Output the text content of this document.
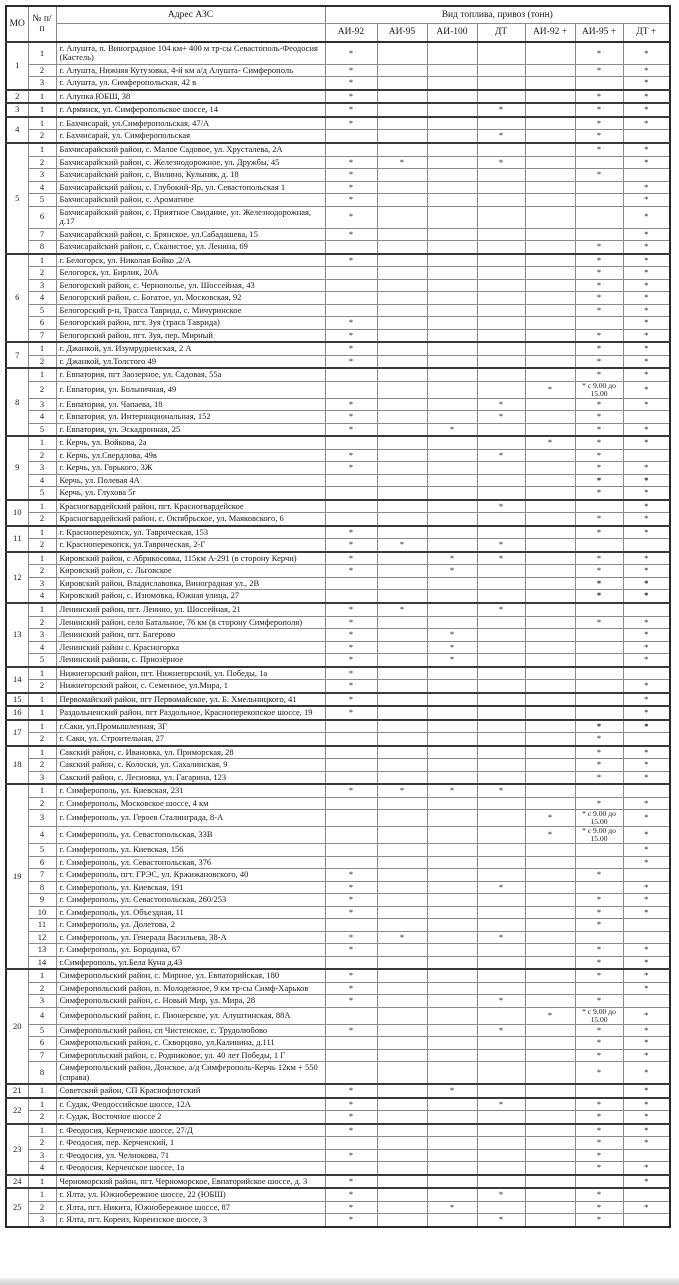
МО	№ п/п	Адрес АЗС	Вид топлива, привоз (тонн)						
			АИ-92	АИ-95	АИ-100	ДТ	АИ-92 +	АИ-95 +	ДТ +
1	1	г. Алушта, п. Виноградное 104 км+ 400 м тр-сы Севастополь-Феодосия (Кастель)	*					*	*
	2	г. Алушта, Нижняя Кутузовка, 4-й км а/д Алушта- Симферополь	*					*	*
	3	г. Алушта, ул. Симферопольская, 42 в	*						*
2	1	г. Алупка ЮБШ, 38	*					*	*
3	1	г. Армянск, ул. Симферопольское шоссе, 14	*			*		*	*
4	1	г. Бахчисарай, ул.Симферопольская, 47/А	*					*	*
	2	г. Бахчисарай, ул. Симферопольская				*		*	
5	1	Бахчисарайский район, с. Малое Садовое, ул. Хрусталева, 2А						*	*
	2	Бахчисарайский район, с. Железнодорожное, ул. Дружбы, 45	*	*		*			*
	3	Бахчисарайский район, с. Вилино, Кулыняк, д. 18	*					*	
	4	Бахчисарайский район, с. Глубокий-Яр, ул. Севастопольская 1	*						*
	5	Бахчисарайский район, с. Ароматное	*						*
	6	Бахчисарайский район, с. Приятное Свидание, ул. Железнодорожная, д.17	*						*
	7	Бахчисарайский район, с. Брянское, ул.Сабадашева, 15	*						*
	8	Бахчисарайский район, с. Скалистое, ул. Ленина, 69						*	*
6	1	г. Белогорск, ул. Николая Бойко ,2/А	*					*	*
	2	Белогорск, ул. Бирлик, 20А						*	*
	3	Белогорский район, с. Чернополье, ул. Шоссейная, 43						*	*
	4	Белогорский район, с. Богатое, ул. Московская, 92						*	*
	5	Белогорский р-н, Трасса Таврида, с. Мичуринское						*	*
	6	Белогорский район, пгт. Зуя (траса Таврида)	*						*
	7	Белогорский район, пгт. Зуя, пер. Мирный	*					*	*
7	1	г. Джанкой, ул. Изумрудненская, 2 А	*					*	*
	2	г. Джанкой, ул.Толстого 49	*					*	*
8	1	г. Евпатория, пгт Заозерное, ул. Садовая, 55а						*	*
	2	г. Евпатория, ул. Больничная, 49					*	* с 9.00 до 15.00	*
	3	г. Евпатория, ул. Чапаева, 18	*			*		*	*
	4	г. Евпатория, ул. Интернациональная, 152	*			*		*	
	5	г. Евпатория, ул. Эскадронная, 25	*		*			*	*
9	1	г. Керчь, ул. Войкова, 2а					*	*	*
	2	г. Керчь, ул.Свердлова, 49в	*			*		*	
	3	г. Керчь, ул. Горького, 3Ж	*					*	*
	4	Керчь, ул. Полевая 4А						*	*
	5	Керчь, ул. Глухова 5г						*	*
10	1	Красногвардейский район, пгт. Красногвардейское				*			*
	2	Красногвардейский район, с. Октябрьское, ул. Маяковского, 6						*	*
11	1	г. Красноперекопск, ул. Таврическая, 153	*					*	*
	2	г. Красноперекопск, ул.Таврическая, 2-Г	*	*		*			
12	1	Кировский район, с Абрикосовка, 115км А-291 (в сторону Керчи)	*		*	*		*	*
	2	Кировский район, с. Льговское	*		*			*	*
	3	Кировский район, Владиславовка, Виноградная ул., 2В						*	*
	4	Кировский район, с. Изюмовка, Южная улица, 27						*	*
13	1	Ленинский район, пгт. Ленино, ул. Шоссейная, 21	*	*		*			
	2	Ленинский район, село Батальное, 76 км (в сторону Симферополя)	*					*	*
	3	Ленинский район, пгт. Багерово	*		*				*
	4	Ленинский район с. Красногорка	*		*				*
	5	Ленинский районн, с. Приозёрное	*		*				*
14	1	Нижнегорский район, пгт. Нижнегорский, ул. Победы, 1а	*						
	2	Нижнегорский район, с. Семенное, ул.Мира, 1	*						*
15	1	Первомайский район, пгт Первомайское, ул. Б. Хмельницкого, 41	*						*
16	1	Раздольненский район, пгт Раздольное, Красноперекопское шоссе, 19	*						*
17	1	г.Саки, ул.Промышленная, 3Г						*	*
	2	г. Саки, ул. Строительная, 27						*	
18	1	Сакский район, с. Ивановка, ул. Приморская, 28						*	*
	2	Сакский район, с. Колоски, ул. Сахалинская, 9						*	*
	3	Сакский район, с. Лесновка, ул. Гагарина, 123						*	*
19	1	г. Симферополь, ул. Киевская, 231	*	*	*	*			
	2	г. Симферополь, Московское шоссе, 4 км						*	*
	3	г. Симферополь, ул. Героев Сталинграда, 8-А					*	* с 9.00 до 15.00	*
	4	г. Симферополь, ул. Севастопольская, 33В					*	* с 9.00 до 15.00	*
	5	г. Симферополь, ул. Киевская, 156							*
	6	г. Симферополь, ул. Севастопольская, 376							*
	7	г. Симферополь, пгт. ГРЭС, ул. Кржижановского, 40	*					*	
	8	г. Симферополь, ул. Киевская, 191	*			*			*
	9	г. Симферополь, ул. Севастопольская, 260/253	*					*	*
	10	г. Симферополь, ул. Объездная, 11	*					*	*
	11	г. Симферополь, ул. Долетова, 2						*	
	12	г. Симферополь, ул. Генерала Васильева, 38-А	*	*		*			
	13	г. Симферополь, ул. Бородина, 67	*					*	*
	14	г.Симферополь, ул.Бела Куна д.43						*	*
20	1	Симферопольский район, с. Мирное, ул. Евпаторийская, 180	*					*	*
	2	Симферопольский район, п. Молодежное, 9 км тр-сы Симф-Харьков	*						*
	3	Симферопольский район, с. Новый Мир, ул. Мира, 28	*			*		*	
	4	Симферопольский район, с. Пионерское, ул. Алуштинская, 88А					*	* с 9.00 до 15.00	*
	5	Симферопольский район, сп Чистенское, с. Трудолюбово	*			*		*	*
	6	Симферопольский район, с. Скворцово, ул.Калинина, д.111						*	*
	7	Симферопльский район, с. Родниковое, ул. 40 лет Победы, 1 Г						*	*
	8	Симферопольский район, Донское, а/д Симферополь-Керчь 12км + 550 (справа)						*	*
21	1	Советский район, СП Краснофлотский	*		*				*
22	1	г. Судак, Феодоссийское шоссе, 12А	*			*		*	*
	2	г. Судак, Восточное шоссе 2	*					*	*
23	1	г. Феодосия, Керченское шоссе, 27/Д	*					*	*
	2	г. Феодосия, пер. Керченский, 1						*	*
	3	г. Феодосия, ул. Челнокова, 71	*					*	
	4	г. Феодосия, Керченское шоссе, 1а						*	*
24	1	Черноморский район, пгт. Черноморское, Евпаторийское шоссе, д. 3	*						*
25	1	г. Ялта, ул. Южнобережное шоссе, 22 (ЮБШ)	*			*		*	
	2	г. Ялта, пгт. Никита, Южнобережное шоссе, 87	*		*			*	*
	3	г. Ялта, пгт. Кореиз, Кореизское шоссе, 3	*			*		*	
